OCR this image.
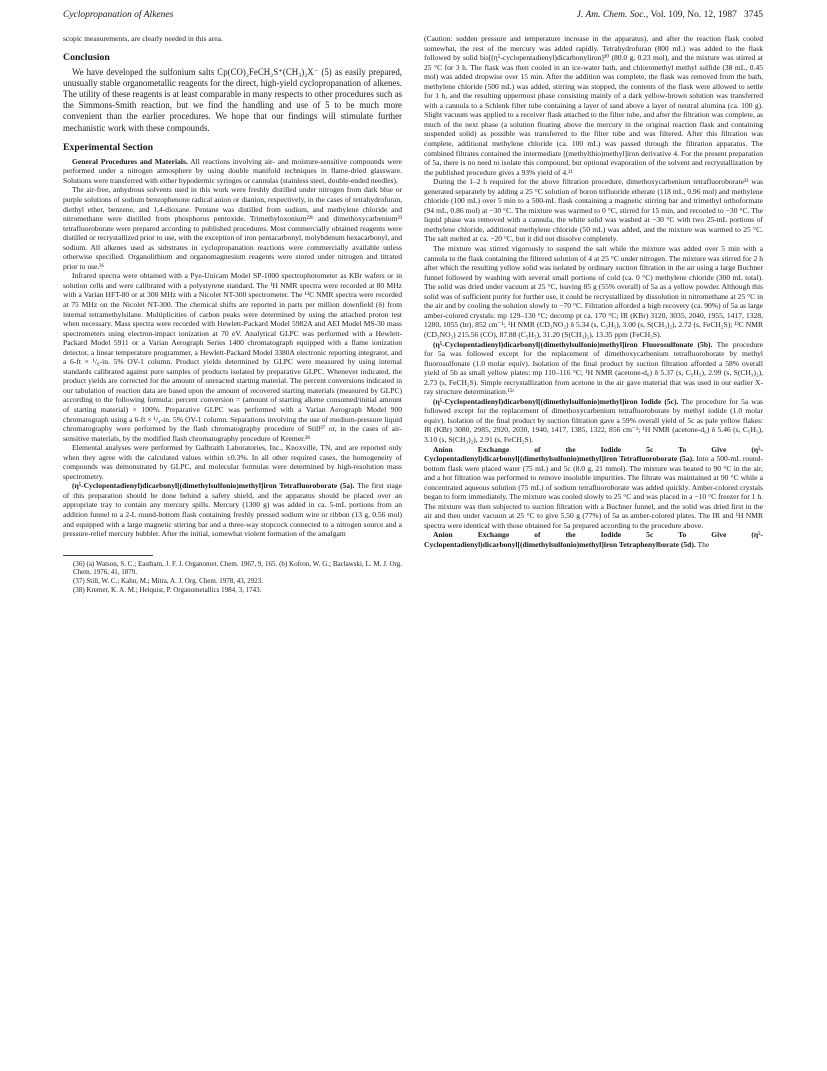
Cyclopropanation of Alkenes	J. Am. Chem. Soc., Vol. 109, No. 12, 1987 3745

scopic measurements, are clearly needed in this area.

Conclusion

We have developed the sulfonium salts Cp(CO)₂FeCH₂S⁺(CH₃)₂X⁻ (5) as easily prepared, unusually stable organometallic reagents for the direct, high-yield cyclopropanation of alkenes. The utility of these reagents is at least comparable in many respects to other procedures such as the Simmons-Smith reaction, but we find the handling and use of 5 to be much more convenient than the earlier procedures. We hope that our findings will stimulate further mechanistic work with these compounds.

Experimental Section

General Procedures and Materials. All reactions involving air- and moisture-sensitive compounds were performed under a nitrogen atmosphere by using double manifold techniques in flame-dried glassware. Solutions were transferred with either hypodermic syringes or cannulas (stainless steel, double-ended needles).

The air-free, anhydrous solvents used in this work were freshly distilled under nitrogen from dark blue or purple solutions of sodium benzophenone radical anion or dianion, respectively, in the cases of tetrahydrofuran, diethyl ether, benzene, and 1,4-dioxane. Pentane was distilled from sodium, and methylene chloride and nitromethane were distilled from phosphorus pentoxide. Trimethyloxonium²²ᵇ and dimethoxycarbenium²³ tetrafluoroborate were prepared according to published procedures. Most commercially obtained reagents were distilled or recrystallized prior to use, with the exception of iron pentacarbonyl, molybdenum hexacarbonyl, and sodium. All alkenes used as substrates in cyclopropanation reactions were commercially available unless otherwise specified. Organolithium and organomagnesium reagents were stored under nitrogen and titrated prior to use.³⁶

Infrared spectra were obtained with a Pye-Unicam Model SP-1000 spectrophotometer as KBr wafers or in solution cells and were calibrated with a polystyrene standard. The ¹H NMR spectra were recorded at 80 MHz with a Varian HFT-80 or at 300 MHz with a Nicolet NT-300 spectrometer. The ¹³C NMR spectra were recorded at 75 MHz on the Nicolet NT-300. The chemical shifts are reported in parts per million downfield (δ) from internal tetramethylsilane. Multiplicities of carbon peaks were determined by using the attached proton test when necessary. Mass spectra were recorded with Hewlett-Packard Model 5982A and AEI Model MS-30 mass spectrometers using electron-impact ionization at 70 eV. Analytical GLPC was performed with a Hewlett-Packard Model 5911 or a Varian Aerograph Series 1400 chromatograph equipped with a flame ionization detector, a linear temperature programmer, a Hewlett-Packard Model 3380A electronic reporting integrator, and a 6-ft × ¹/₈-in. 5% OV-1 column. Product yields determined by GLPC were measured by using internal standards calibrated against pure samples of products isolated by preparative GLPC. Whenever indicated, the product yields are corrected for the amount of unreacted starting material. The percent conversions indicated in our tabulation of reaction data are based upon the amount of recovered starting materials (measured by GLPC) according to the following formula: percent conversion = (amount of starting alkene consumed/initial amount of starting material) × 100%. Preparative GLPC was performed with a Varian Aerograph Model 900 chromatograph using a 6-ft × ¹/₄-in. 5% OV-1 column. Separations involving the use of medium-pressure liquid chromatography were performed by the flash chromatography procedure of Still³⁷ or, in the cases of air-sensitive materials, by the modified flash chromatography procedure of Kremer.³⁸

Elemental analyses were performed by Galbraith Laboratories, Inc., Knoxville, TN, and are reported only when they agree with the calculated values within ±0.3%. In all other required cases, the homogeneity of compounds was demonstrated by GLPC, and molecular formulas were determined by high-resolution mass spectrometry.

(η⁵-Cyclopentadienyl)dicarbonyl[(dimethylsulfonio)methyl]iron Tetrafluoroborate (5a). The first stage of this preparation should be done behind a safety shield, and the apparatus should be placed over an appropriate tray to contain any mercury spills. Mercury (1300 g) was added in ca. 5-mL portions from an addition funnel to a 2-L round-bottom flask containing freshly pressed sodium wire or ribbon (13 g, 0.56 mol) and equipped with a large magnetic stirring bar and a three-way stopcock connected to a nitrogen source and a pressure-relief mercury bubbler. After the initial, somewhat violent formation of the amalgam

(36) (a) Watson, S. C.; Eastham, J. F. J. Organomet. Chem. 1967, 9, 165. (b) Kofron, W. G.; Baclawski, L. M. J. Org. Chem. 1976, 41, 1879.
(37) Still, W. C.; Kahn, M.; Mitra, A. J. Org. Chem. 1978, 43, 2923.
(38) Kremer, K. A. M.; Helquist, P. Organometallics 1984, 3, 1743.

(Caution: sudden pressure and temperature increase in the apparatus), and after the reaction flask cooled somewhat, the rest of the mercury was added rapidly. Tetrahydrofuran (800 mL) was added to the flask followed by solid bis[(η⁵-cyclopentadienyl)dicarbonyliron]²⁰ (80.0 g, 0.23 mol), and the mixture was stirred at 25 °C for 3 h. The flask was then cooled in an ice-water bath, and chloromethyl methyl sulfide (38 mL, 0.45 mol) was added dropwise over 15 min. After the addition was complete, the flask was removed from the bath, methylene chloride (500 mL) was added, stirring was stopped, the contents of the flask were allowed to settle for 1 h, and the resulting uppermost phase consisting mainly of a dark yellow-brown solution was transferred with a cannula to a Schlenk filter tube containing a layer of sand above a layer of neutral alumina (ca. 100 g). Slight vacuum was applied to a receiver flask attached to the filter tube, and after the filtration was complete, as much of the next phase (a solution floating above the mercury in the original reaction flask and containing suspended solid) as possible was transferred to the filter tube and was filtered. After this filtration was complete, additional methylene chloride (ca. 100 mL) was passed through the filtration apparatus. The combined filtrates contained the intermediate [(methylthio)methyl]iron derivative 4. For the present preparation of 5a, there is no need to isolate this compound, but optional evaporation of the solvent and recrystallization by the published procedure gives a 93% yield of 4.²¹

During the 1–2 h required for the above filtration procedure, dimethoxycarbenium tetrafluoroborate²³ was generated separately by adding a 25 °C solution of boron trifluoride etherate (118 mL, 0.96 mol) and methylene chloride (100 mL) over 5 min to a 500-mL flask containing a magnetic stirring bar and trimethyl orthoformate (94 mL, 0.86 mol) at −30 °C. The mixture was warmed to 0 °C, stirred for 15 min, and recooled to −30 °C. The liquid phase was removed with a cannula, the white solid was washed at −30 °C with two 25-mL portions of methylene chloride, additional methylene chloride (50 mL) was added, and the mixture was warmed to 25 °C. The salt melted at ca. −20 °C, but it did not dissolve completely.

The mixture was stirred vigorously to suspend the salt while the mixture was added over 5 min with a cannula to the flask containing the filtered solution of 4 at 25 °C under nitrogen. The mixture was stirred for 2 h after which the resulting yellow solid was isolated by ordinary suction filtration in the air using a large Buchner funnel followed by washing with several small portions of cold (ca. 0 °C) methylene chloride (300 mL total). The solid was dried under vacuum at 25 °C, leaving 85 g (55% overall) of 5a as a yellow powder. Although this solid was of sufficient purity for further use, it could be recrystallized by dissolution in nitromethane at 25 °C in the air and by cooling the solution slowly to −70 °C. Filtration afforded a high recovery (ca. 90%) of 5a as large amber-colored crystals: mp 129–130 °C; decomp pt ca. 170 °C; IR (KBr) 3120, 3035, 2040, 1955, 1417, 1328, 1280, 1055 (br), 852 cm⁻¹; ¹H NMR (CD₃NO₂) δ 5.34 (s, C₅H₅), 3.00 (s, S(CH₃)₂), 2.72 (s, FeCH₂S); ¹³C NMR (CD₃NO₂) 215.56 (CO), 87.88 (C₅H₅), 31.20 (S(CH₃)₂), 13.35 ppm (FeCH₂S).

(η⁵-Cyclopentadienyl)dicarbonyl[(dimethylsulfonio)methyl]iron Fluorosulfonate (5b). The procedure for 5a was followed except for the replacement of dimethoxycarbenium tetrafluoroborate by methyl fluorosulfonate (1.0 molar equiv). Isolation of the final product by suction filtration afforded a 58% overall yield of 5b as small yellow plates: mp 110–116 °C; ¹H NMR (acetone-d₆) δ 5.37 (s, C₅H₅), 2.99 (s, S(CH₃)₂), 2.73 (s, FeCH₂S). Simple recrystallization from acetone in the air gave material that was used in our earlier X-ray structure determination.¹⁵ᶜ

(η⁵-Cyclopentadienyl)dicarbonyl[(dimethylsulfonio)methyl]iron Iodide (5c). The procedure for 5a was followed except for the replacement of dimethoxycarbenium tetrafluoroborate by methyl iodide (1.0 molar equiv). Isolation of the final product by suction filtration gave a 59% overall yield of 5c as pale yellow flakes: IR (KBr) 3080, 2985, 2920, 2030, 1940, 1417, 1385, 1322, 856 cm⁻¹; ¹H NMR (acetone-d₆) δ 5.46 (s, C₅H₅), 3.10 (s, S(CH₃)₂), 2.91 (s, FeCH₂S).

Anion Exchange of the Iodide 5c To Give (η⁵-Cyclopentadienyl)dicarbonyl[(dimethylsulfonio)methyl]iron Tetrafluoroborate (5a). Into a 500-mL round-bottom flask were placed water (75 mL) and 5c (8.0 g, 21 mmol). The mixture was heated to 90 °C in the air, and a hot filtration was performed to remove insoluble impurities. The filtrate was maintained at 90 °C while a concentrated aqueous solution (75 mL) of sodium tetrafluoroborate was added quickly. Amber-colored crystals began to form immediately. The mixture was cooled slowly to 25 °C and was placed in a −10 °C freezer for 1 h. The mixture was then subjected to suction filtration with a Buchner funnel, and the solid was dried first in the air and then under vacuum at 25 °C to give 5.50 g (77%) of 5a as amber-colored plates. The IR and ¹H NMR spectra were identical with those obtained for 5a prepared according to the procedure above.

Anion Exchange of the Iodide 5c To Give (η⁵-Cyclopentadienyl)dicarbonyl[(dimethylsulfonio)methyl]iron Tetraphenylborate (5d). The
